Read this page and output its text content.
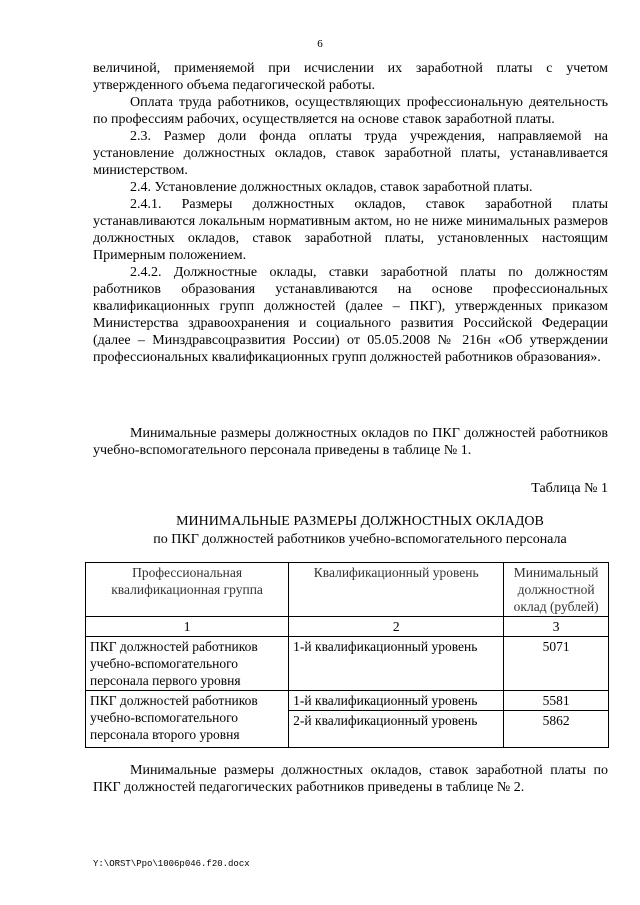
6

величиной, применяемой при исчислении их заработной платы с учетом утвержденного объема педагогической работы.

Оплата труда работников, осуществляющих профессиональную деятельность по профессиям рабочих, осуществляется на основе ставок заработной платы.

2.3. Размер доли фонда оплаты труда учреждения, направляемой на установление должностных окладов, ставок заработной платы, устанавливается министерством.

2.4. Установление должностных окладов, ставок заработной платы.

2.4.1. Размеры должностных окладов, ставок заработной платы устанавливаются локальным нормативным актом, но не ниже минимальных размеров должностных окладов, ставок заработной платы, установленных настоящим Примерным положением.

2.4.2. Должностные оклады, ставки заработной платы по должностям работников образования устанавливаются на основе профессиональных квалификационных групп должностей (далее – ПКГ), утвержденных приказом Министерства здравоохранения и социального развития Российской Федерации (далее – Минздравсоцразвития России) от 05.05.2008 № 216н «Об утверждении профессиональных квалификационных групп должностей работников образования».

Минимальные размеры должностных окладов по ПКГ должностей работников учебно-вспомогательного персонала приведены в таблице № 1.

Таблица № 1
МИНИМАЛЬНЫЕ РАЗМЕРЫ ДОЛЖНОСТНЫХ ОКЛАДОВ
по ПКГ должностей работников учебно-вспомогательного персонала
Профессиональная квалификационная группа	Квалификационный уровень	Минимальный должностной оклад (рублей)
1	2	3
ПКГ должностей работников учебно-вспомогательного персонала первого уровня	1-й квалификационный уровень	5071
ПКГ должностей работников учебно-вспомогательного персонала второго уровня	1-й квалификационный уровень	5581
	2-й квалификационный уровень	5862

Минимальные размеры должностных окладов, ставок заработной платы по ПКГ должностей педагогических работников приведены в таблице № 2.

Y:\ORST\Ppo\1006p046.f20.docx
